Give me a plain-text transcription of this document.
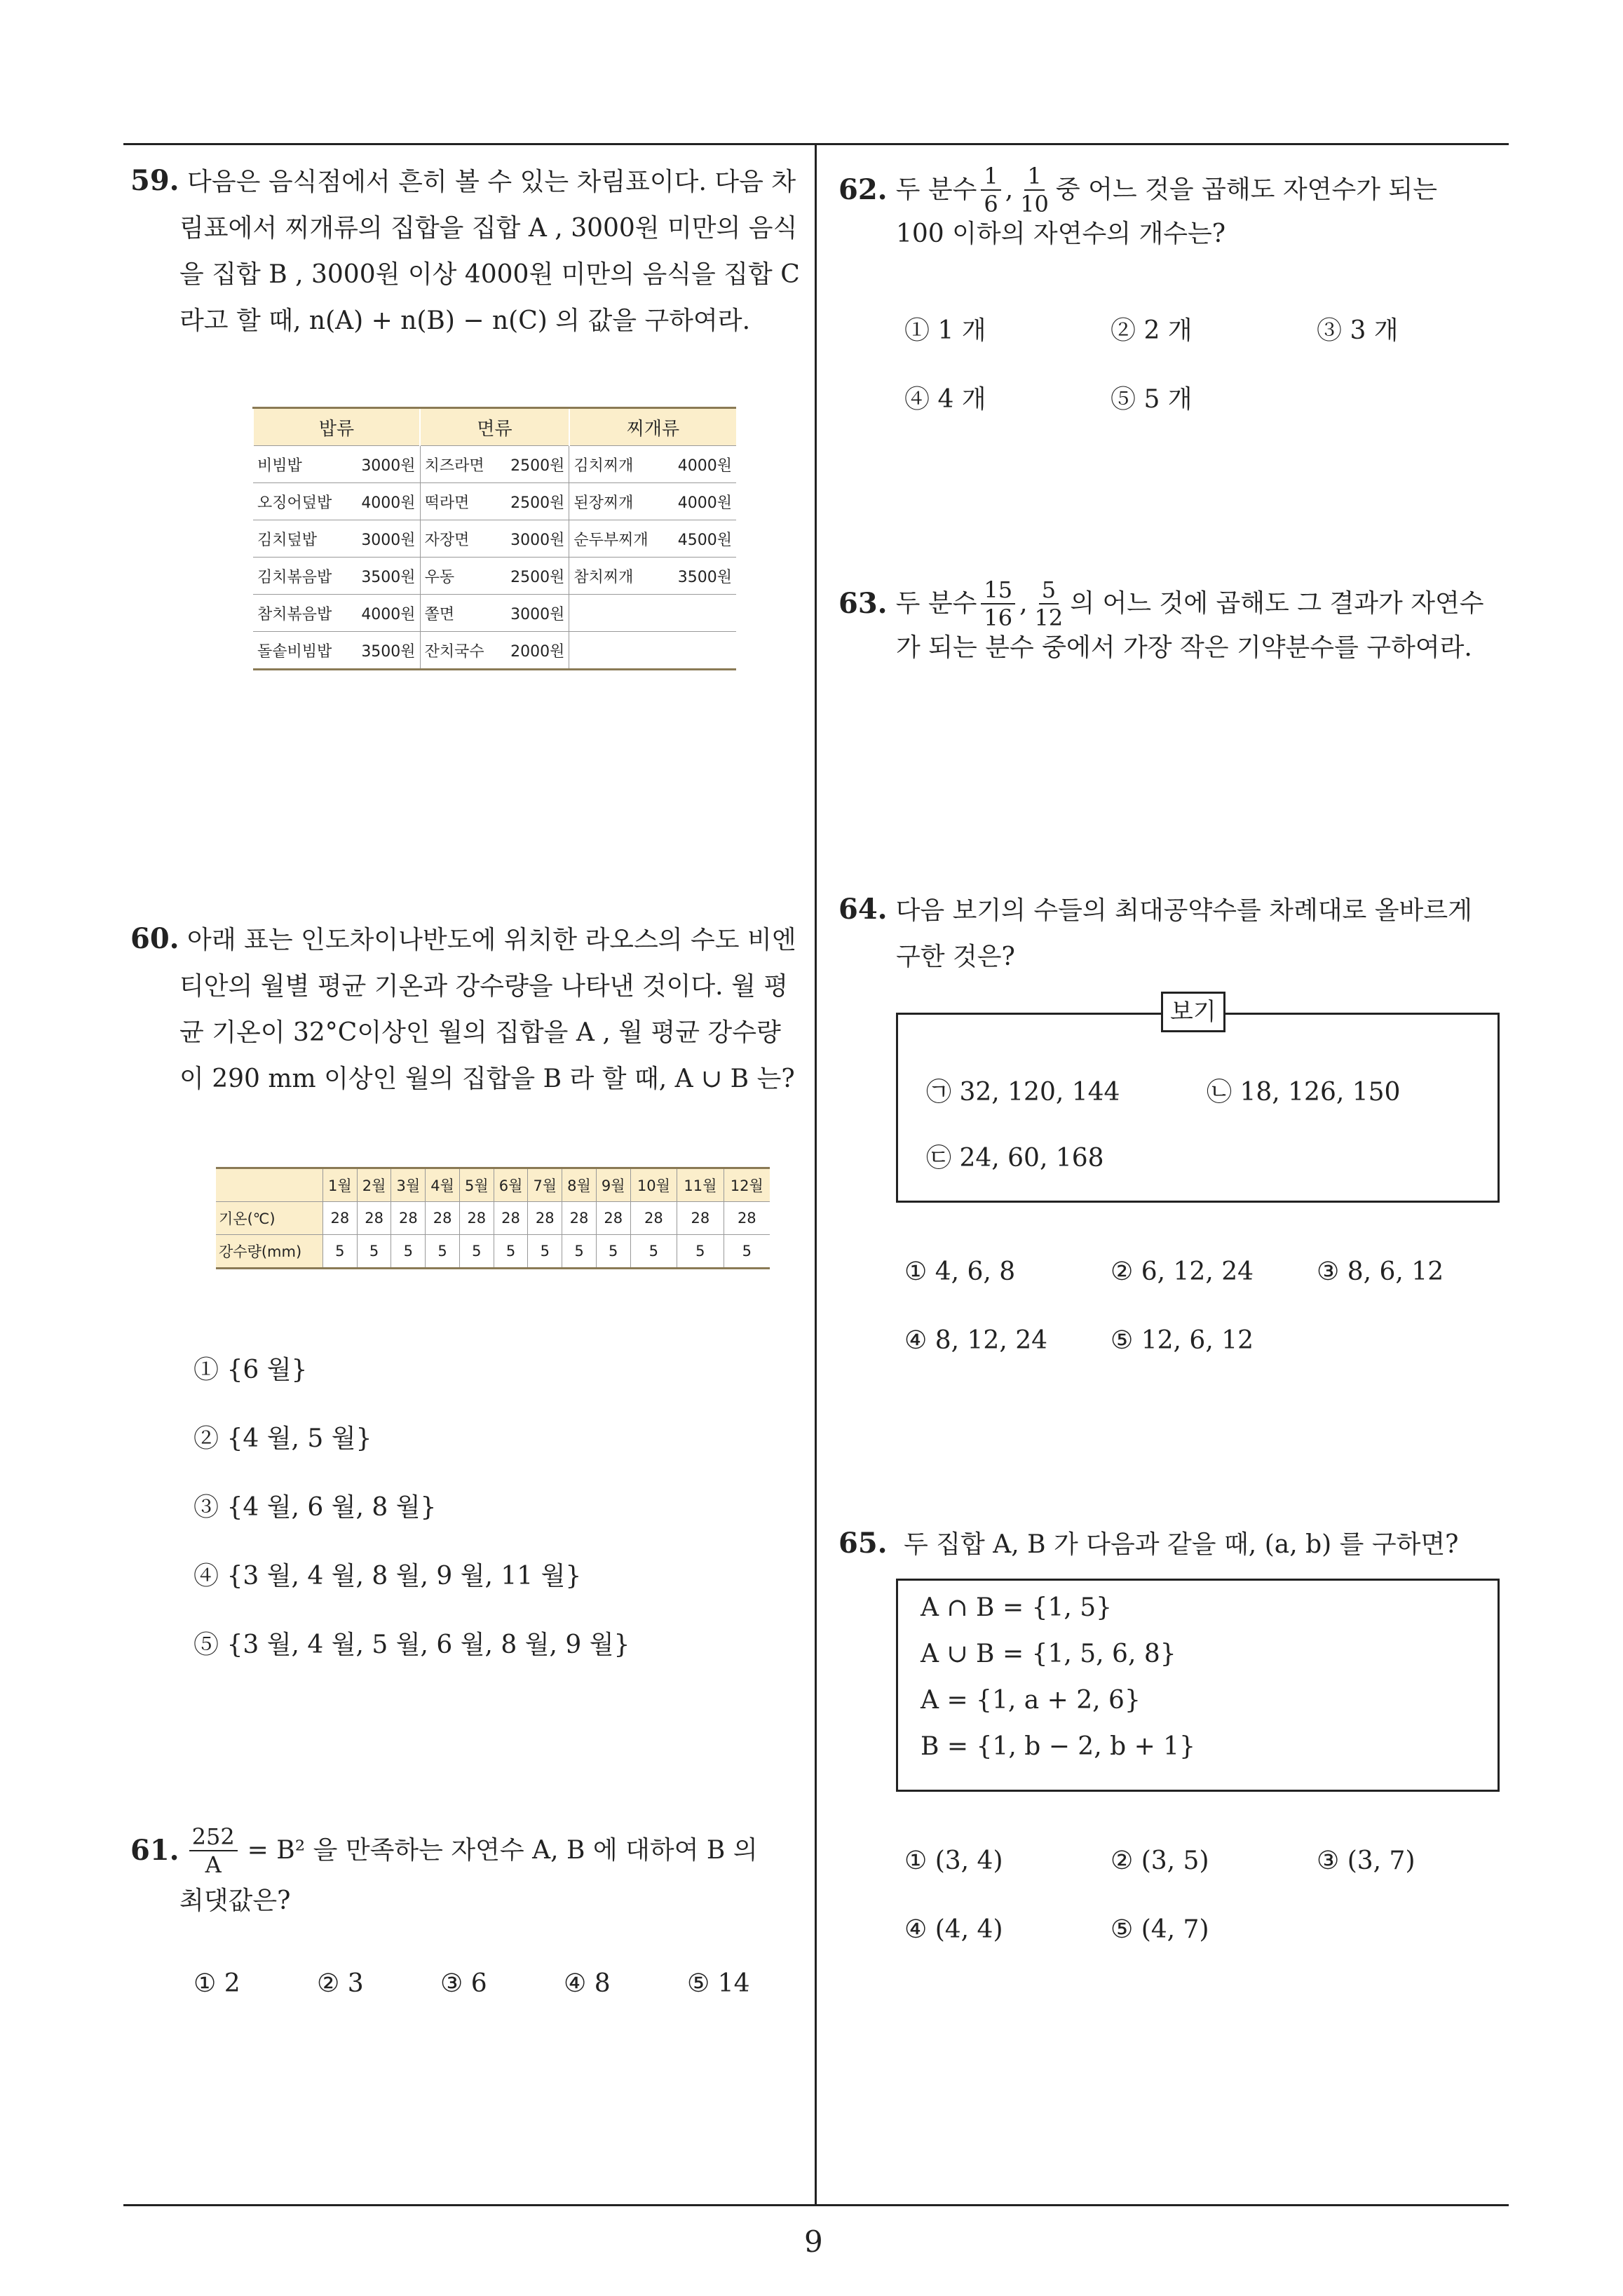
9
59. 다음은 음식점에서 흔히 볼 수 있는 차림표이다. 다음 차림표에서 찌개류의 집합을 집합 A , 3000원 미만의 음식을 집합 B , 3000원 이상 4000원 미만의 음식을 집합 C 라고 할 때, n(A) + n(B) − n(C) 의 값을 구하여라.
밥류	면류	찌개류

비빔밥 3000원	치즈라면 2500원	김치찌개 4000원

오징어덮밥 4000원	떡라면 2500원	된장찌개 4000원

김치덮밥 3000원	자장면 3000원	순두부찌개 4500원

김치볶음밥 3500원	우동 2500원	참치찌개 3500원

참치볶음밥 4000원	쫄면 3000원	

돌솥비빔밥 3500원	잔치국수 2000원	

60. 아래 표는 인도차이나반도에 위치한 라오스의 수도 비엔티안의 월별 평균 기온과 강수량을 나타낸 것이다. 월 평균 기온이 32°C이상인 월의 집합을 A , 월 평균 강수량이 290 mm 이상인 월의 집합을 B 라 할 때, A ∪ B 는?
	1월	2월	3월	4월	5월	6월	7월	8월	9월	10월	11월	12월
기온(℃)	28	28	28	28	28	28	28	28	28	28	28	28
강수량(mm)	5	5	5	5	5	5	5	5	5	5	5	5
① {6 월}
② {4 월, 5 월}
③ {4 월, 6 월, 8 월}
④ {3 월, 4 월, 8 월, 9 월, 11 월}
⑤ {3 월, 4 월, 5 월, 6 월, 8 월, 9 월}
61. $\frac{252}{A} = B^2$ 을 만족하는 자연수 A, B 에 대하여 B 의
최댓값은?
① 2	② 3	③ 6	④ 8	⑤ 14
62. 두 분수 $\frac{1}{6}$ , $\frac{1}{10}$ 중 어느 것을 곱해도 자연수가 되는
100 이하의 자연수의 개수는?
① 1 개	② 2 개	③ 3 개
④ 4 개	⑤ 5 개
63. 두 분수 $\frac{15}{16}$ , $\frac{5}{12}$ 의 어느 것에 곱해도 그 결과가 자연수
가 되는 분수 중에서 가장 작은 기약분수를 구하여라.
64. 다음 보기의 수들의 최대공약수를 차례대로 올바르게
구한 것은?
㉠ 32, 120, 144	㉡ 18, 126, 150
㉢ 24, 60, 168
보기
① 4, 6, 8	② 6, 12, 24 ③ 8, 6, 12
④ 8, 12, 24 ⑤ 12, 6, 12
65. 두 집합 A, B 가 다음과 같을 때, (a, b) 를 구하면?
A ∩ B = {1, 5}
A ∪ B = {1, 5, 6, 8}
A = {1, a + 2, 6}
B = {1, b − 2, b + 1}
① (3, 4)	② (3, 5)	③ (3, 7)
④ (4, 4)	⑤ (4, 7)
